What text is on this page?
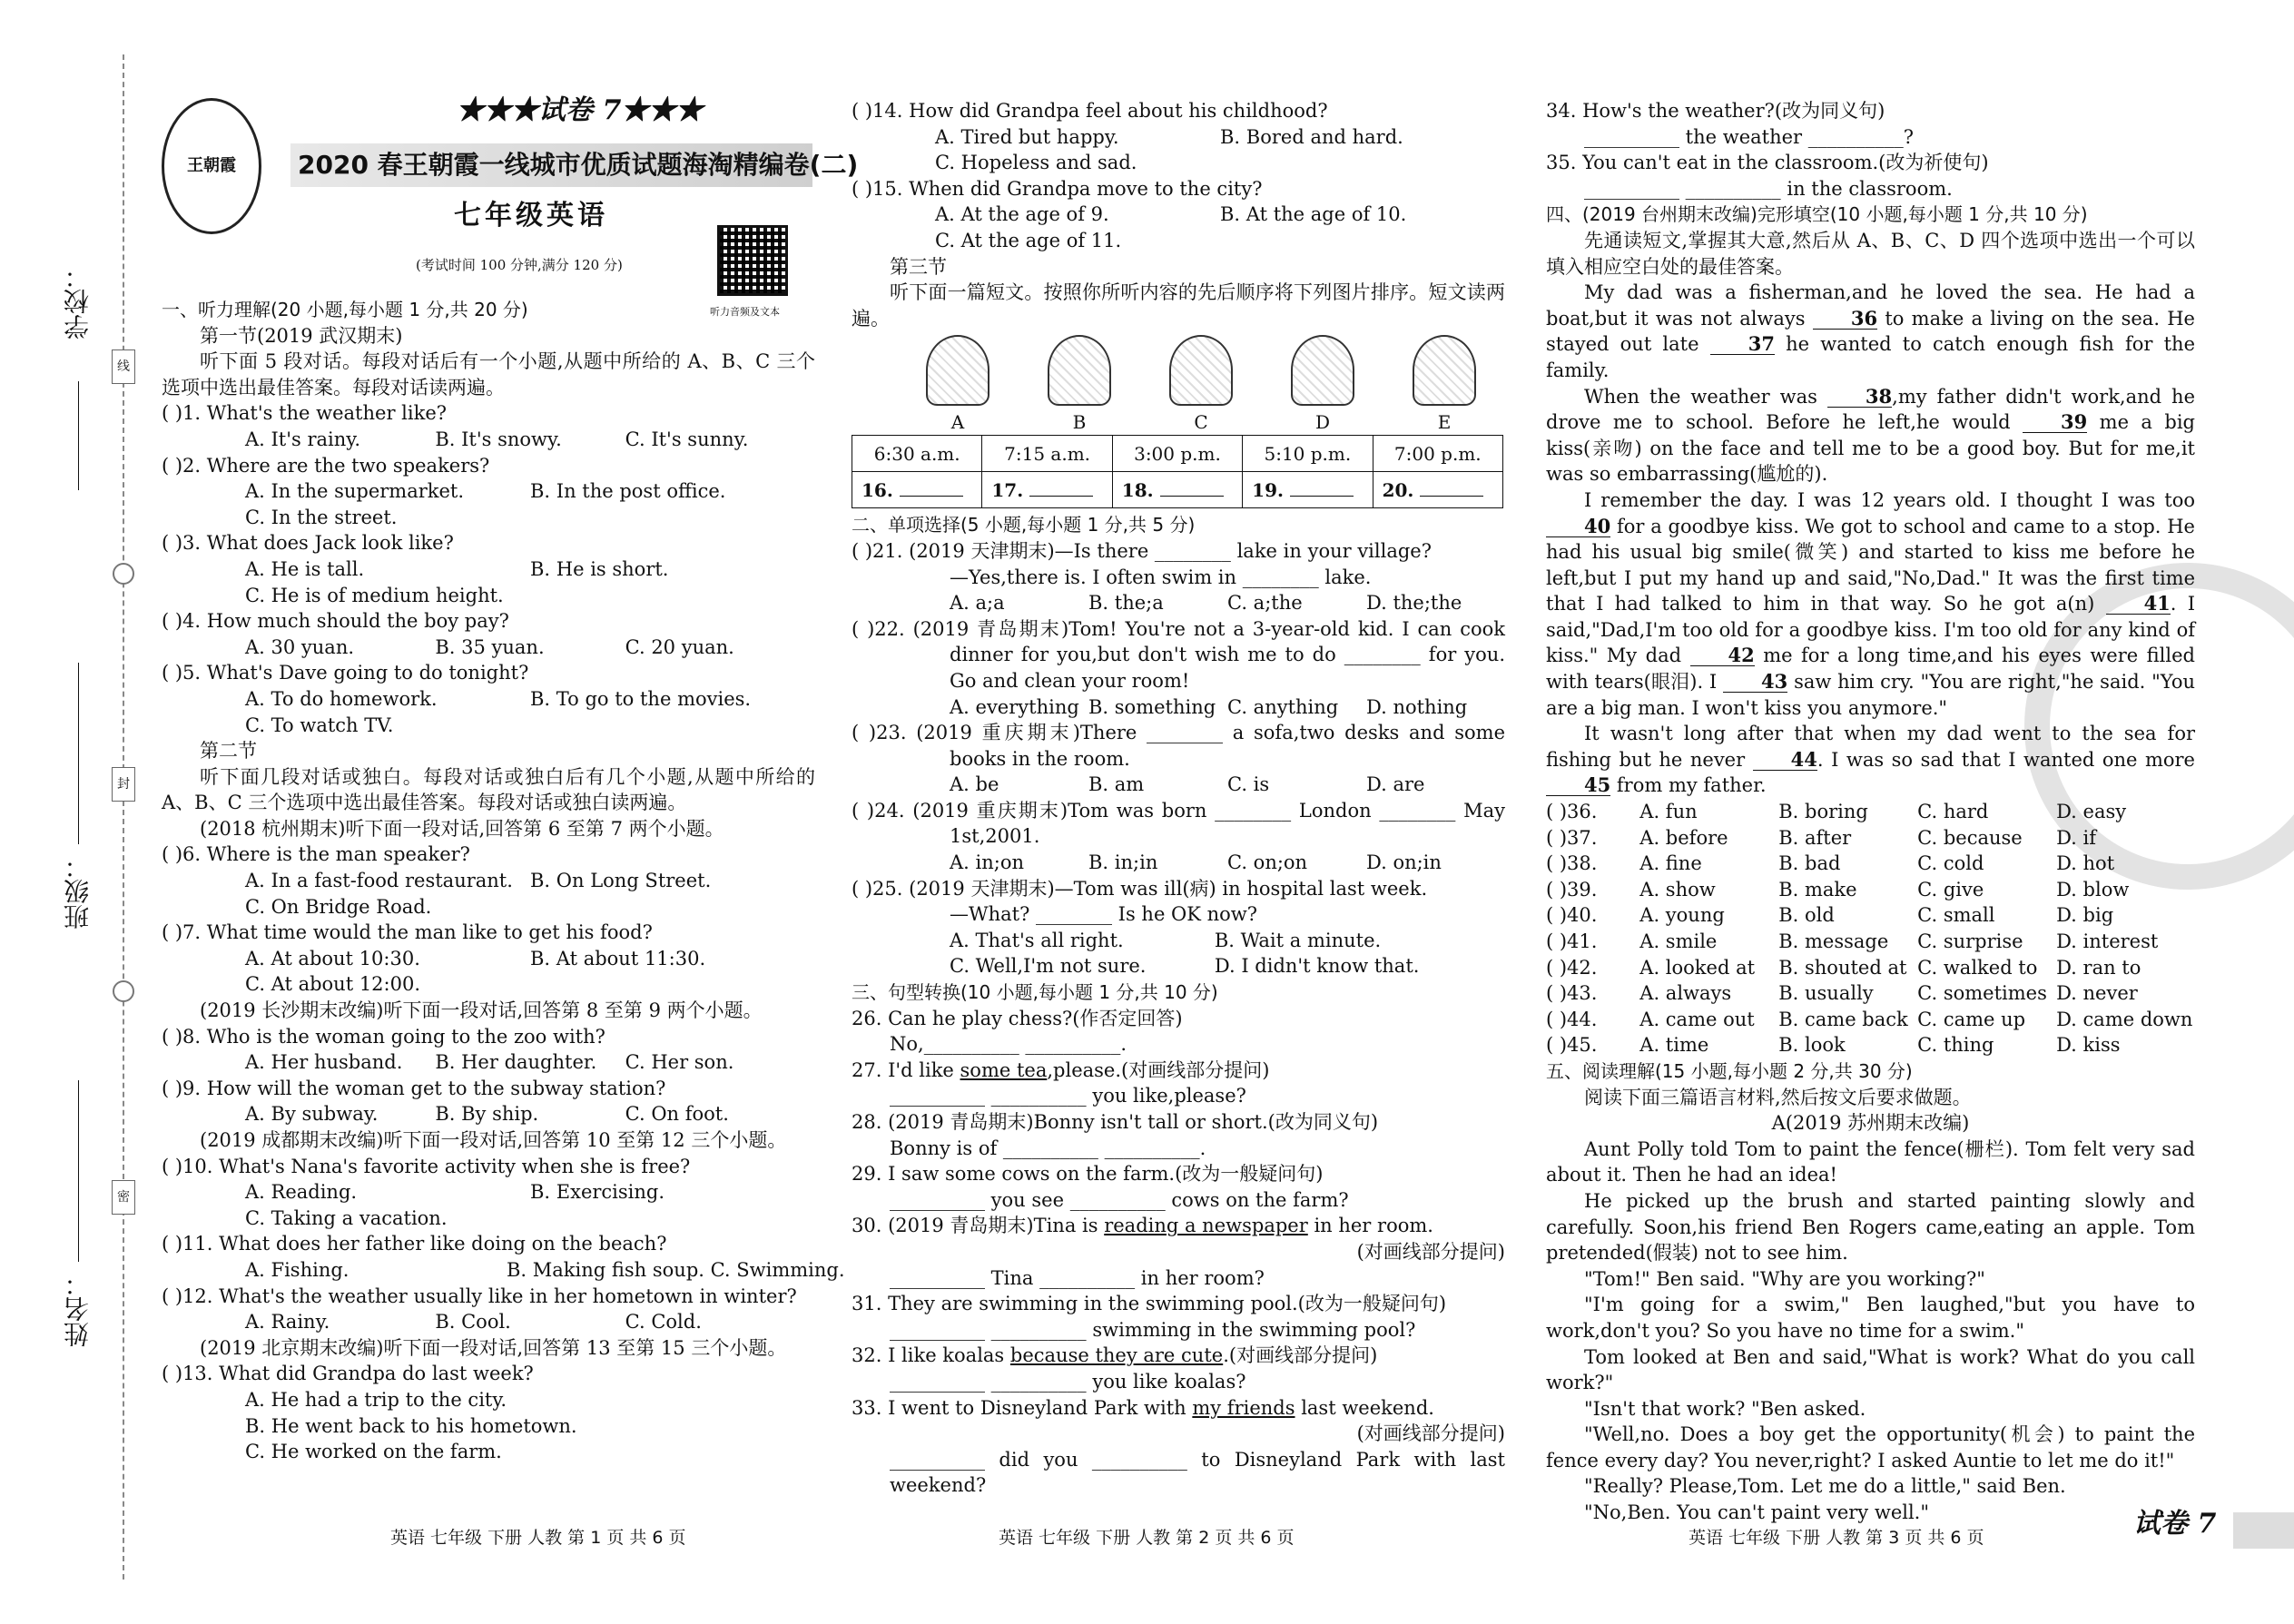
学校：
班级：
姓名：
线
封
密
王朝霞
★★★试卷 7★★★
2020 春王朝霞一线城市优质试题海淘精编卷(二)
七年级英语
(考试时间 100 分钟,满分 120 分)
听力音频及文本
一、听力理解(20 小题,每小题 1 分,共 20 分)
第一节(2019 武汉期末)
听下面 5 段对话。每段对话后有一个小题,从题中所给的 A、B、C 三个选项中选出最佳答案。每段对话读两遍。
( )1. What's the weather like?
A. It's rainy.	B. It's snowy.	C. It's sunny.
( )2. Where are the two speakers?
A. In the supermarket.	B. In the post office.
C. In the street.
( )3. What does Jack look like?
A. He is tall.	B. He is short.
C. He is of medium height.
( )4. How much should the boy pay?
A. 30 yuan.	B. 35 yuan.	C. 20 yuan.
( )5. What's Dave going to do tonight?
A. To do homework.	B. To go to the movies.
C. To watch TV.
第二节
听下面几段对话或独白。每段对话或独白后有几个小题,从题中所给的 A、B、C 三个选项中选出最佳答案。每段对话或独白读两遍。
(2018 杭州期末)听下面一段对话,回答第 6 至第 7 两个小题。
( )6. Where is the man speaker?
A. In a fast-food restaurant. B. On Long Street.
C. On Bridge Road.
( )7. What time would the man like to get his food?
A. At about 10:30.	B. At about 11:30.
C. At about 12:00.
(2019 长沙期末改编)听下面一段对话,回答第 8 至第 9 两个小题。
( )8. Who is the woman going to the zoo with?
A. Her husband.	B. Her daughter.	C. Her son.
( )9. How will the woman get to the subway station?
A. By subway.	B. By ship.	C. On foot.
(2019 成都期末改编)听下面一段对话,回答第 10 至第 12 三个小题。
( )10. What's Nana's favorite activity when she is free?
A. Reading.	B. Exercising.
C. Taking a vacation.
( )11. What does her father like doing on the beach?
A. Fishing.	B. Making fish soup. C. Swimming.
( )12. What's the weather usually like in her hometown in winter?
A. Rainy.	B. Cool.	C. Cold.
(2019 北京期末改编)听下面一段对话,回答第 13 至第 15 三个小题。
( )13. What did Grandpa do last week?
A. He had a trip to the city.
B. He went back to his hometown.
C. He worked on the farm.
( )14. How did Grandpa feel about his childhood?
A. Tired but happy.	B. Bored and hard.
C. Hopeless and sad.
( )15. When did Grandpa move to the city?
A. At the age of 9.	B. At the age of 10.
C. At the age of 11.
第三节
听下面一篇短文。按照你所听内容的先后顺序将下列图片排序。短文读两遍。
A	B	C	D	E
6:30 a.m.	7:15 a.m.	3:00 p.m.	5:10 p.m.	7:00 p.m.
16.	17.	18.	19.	20.
二、单项选择(5 小题,每小题 1 分,共 5 分)
( )21. (2019 天津期末)—Is there ________ lake in your village?
—Yes,there is. I often swim in ________ lake.
A. a;a	B. the;a	C. a;the	D. the;the
( )22. (2019 青岛期末)Tom! You're not a 3-year-old kid. I can cook dinner for you,but don't wish me to do ________ for you. Go and clean your room!
A. everything B. something C. anything	D. nothing
( )23. (2019 重庆期末)There ________ a sofa,two desks and some books in the room.
A. be	B. am	C. is	D. are
( )24. (2019 重庆期末)Tom was born ________ London ________ May 1st,2001.
A. in;on	B. in;in	C. on;on	D. on;in
( )25. (2019 天津期末)—Tom was ill(病) in hospital last week.
—What? ________ Is he OK now?
A. That's all right.	B. Wait a minute.
C. Well,I'm not sure.	D. I didn't know that.
三、句型转换(10 小题,每小题 1 分,共 10 分)
26. Can he play chess?(作否定回答)
No,__________ __________.
27. I'd like some tea,please.(对画线部分提问)
__________ __________ you like,please?
28. (2019 青岛期末)Bonny isn't tall or short.(改为同义句)
Bonny is of __________ __________.
29. I saw some cows on the farm.(改为一般疑问句)
__________ you see __________ cows on the farm?
30. (2019 青岛期末)Tina is reading a newspaper in her room.
(对画线部分提问)
__________ Tina __________ in her room?
31. They are swimming in the swimming pool.(改为一般疑问句)
__________ __________ swimming in the swimming pool?
32. I like koalas because they are cute.(对画线部分提问)
__________ __________ you like koalas?
33. I went to Disneyland Park with my friends last weekend.
(对画线部分提问)
__________ did you __________ to Disneyland Park with last weekend?
34. How's the weather?(改为同义句)
__________ the weather __________?
35. You can't eat in the classroom.(改为祈使句)
__________ __________ in the classroom.
四、(2019 台州期末改编)完形填空(10 小题,每小题 1 分,共 10 分)
先通读短文,掌握其大意,然后从 A、B、C、D 四个选项中选出一个可以填入相应空白处的最佳答案。
My dad was a fisherman,and he loved the sea. He had a boat,but it was not always 36 to make a living on the sea. He stayed out late 37 he wanted to catch enough fish for the family.
When the weather was 38,my father didn't work,and he drove me to school. Before he left,he would 39 me a big kiss(亲吻) on the face and tell me to be a good boy. But for me,it was so embarrassing(尴尬的).
I remember the day. I was 12 years old. I thought I was too 40 for a goodbye kiss. We got to school and came to a stop. He had his usual big smile(微笑) and started to kiss me before he left,but I put my hand up and said,"No,Dad." It was the first time that I had talked to him in that way. So he got a(n) 41. I said,"Dad,I'm too old for a goodbye kiss. I'm too old for any kind of kiss." My dad 42 me for a long time,and his eyes were filled with tears(眼泪). I 43 saw him cry. "You are right,"he said. "You are a big man. I won't kiss you anymore."
It wasn't long after that when my dad went to the sea for fishing but he never 44. I was so sad that I wanted one more 45 from my father.
( )36.	A. fun	B. boring	C. hard	D. easy
( )37.	A. before	B. after	C. because	D. if
( )38.	A. fine	B. bad	C. cold	D. hot
( )39.	A. show	B. make	C. give	D. blow
( )40.	A. young	B. old	C. small	D. big
( )41.	A. smile	B. message	C. surprise	D. interest
( )42.	A. looked at	B. shouted at C. walked to D. ran to
( )43.	A. always	B. usually	C. sometimes D. never
( )44.	A. came out	B. came back C. came up	D. came down
( )45.	A. time	B. look	C. thing	D. kiss
五、阅读理解(15 小题,每小题 2 分,共 30 分)
阅读下面三篇语言材料,然后按文后要求做题。
A(2019 苏州期末改编)
Aunt Polly told Tom to paint the fence(栅栏). Tom felt very sad about it. Then he had an idea!
He picked up the brush and started painting slowly and carefully. Soon,his friend Ben Rogers came,eating an apple. Tom pretended(假装) not to see him.
"Tom!" Ben said. "Why are you working?"
"I'm going for a swim," Ben laughed,"but you have to work,don't you? So you have no time for a swim."
Tom looked at Ben and said,"What is work? What do you call work?"
"Isn't that work? "Ben asked.
"Well,no. Does a boy get the opportunity(机会) to paint the fence every day? You never,right? I asked Auntie to let me do it!"
"Really? Please,Tom. Let me do a little," said Ben.
"No,Ben. You can't paint very well."
英语 七年级 下册 人教 第 1 页 共 6 页	英语 七年级 下册 人教 第 2 页 共 6 页	英语 七年级 下册 人教 第 3 页 共 6 页	试卷 7
